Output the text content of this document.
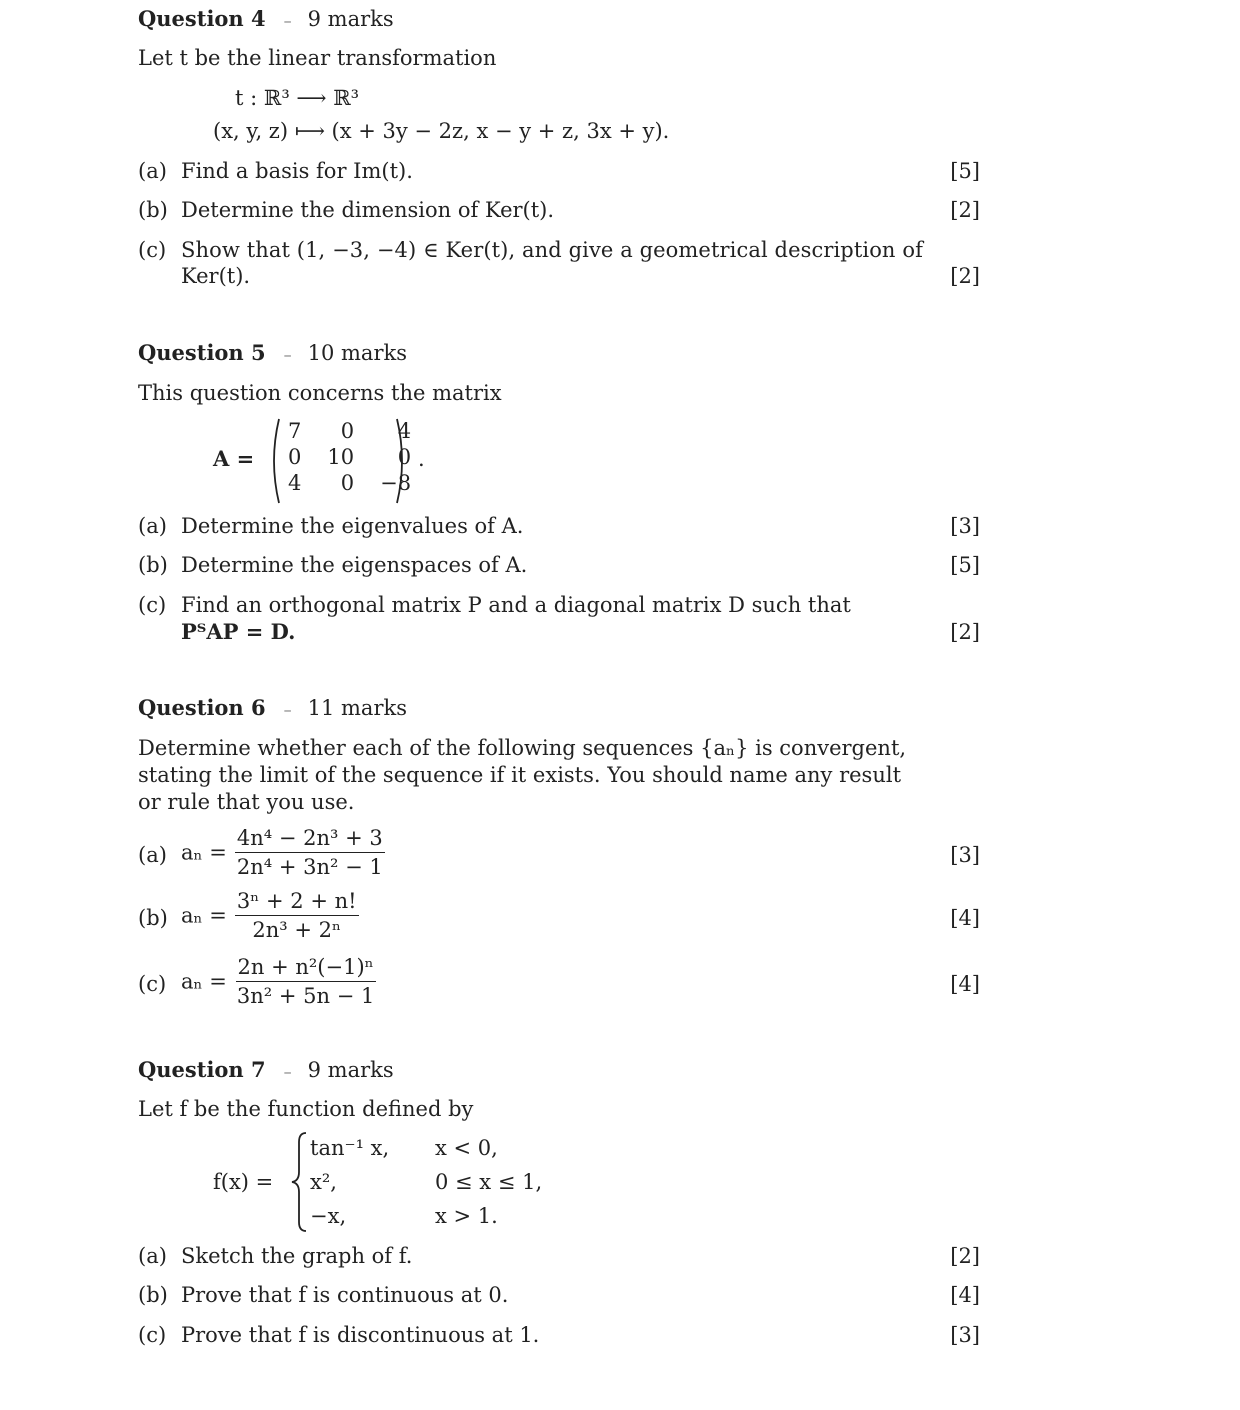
Question 4 – 9 marks
Let t be the linear transformation
t : ℝ³ ⟶ ℝ³
(x, y, z) ⟼ (x + 3y − 2z, x − y + z, 3x + y).
(a) Find a basis for Im(t).	[5]
(b) Determine the dimension of Ker(t).	[2]
(c) Show that (1, −3, −4) ∈ Ker(t), and give a geometrical description of
Ker(t).	[2]
Question 5 – 10 marks
This question concerns the matrix
A =
7	0	4
0	10	0
4	0	−8
.
(a) Determine the eigenvalues of A.	[3]
(b) Determine the eigenspaces of A.	[5]
(c) Find an orthogonal matrix P and a diagonal matrix D such that
PᵀAP = D.	[2]
Question 6 – 11 marks
Determine whether each of the following sequences {aₙ} is convergent,
stating the limit of the sequence if it exists. You should name any result
or rule that you use.
(a) $a_n = \frac{\text{4n⁴ − 2n³ + 3}}{\text{2n⁴ + 3n² − 1}}$	[3]
(b) $a_n = \frac{\text{3ⁿ + 2 + n!}}{\text{2n³ + 2ⁿ}}$	[4]
(c) $a_n = \frac{\text{2n + n²(−1)ⁿ}}{\text{3n² + 5n − 1}}$	[4]
Question 7 – 9 marks
Let f be the function defined by
f(x) =
tan⁻¹ x, x < 0,
x²,	0 ≤ x ≤ 1,
−x,	x > 1.
(a) Sketch the graph of f.	[2]
(b) Prove that f is continuous at 0.	[4]
(c) Prove that f is discontinuous at 1.	[3]
